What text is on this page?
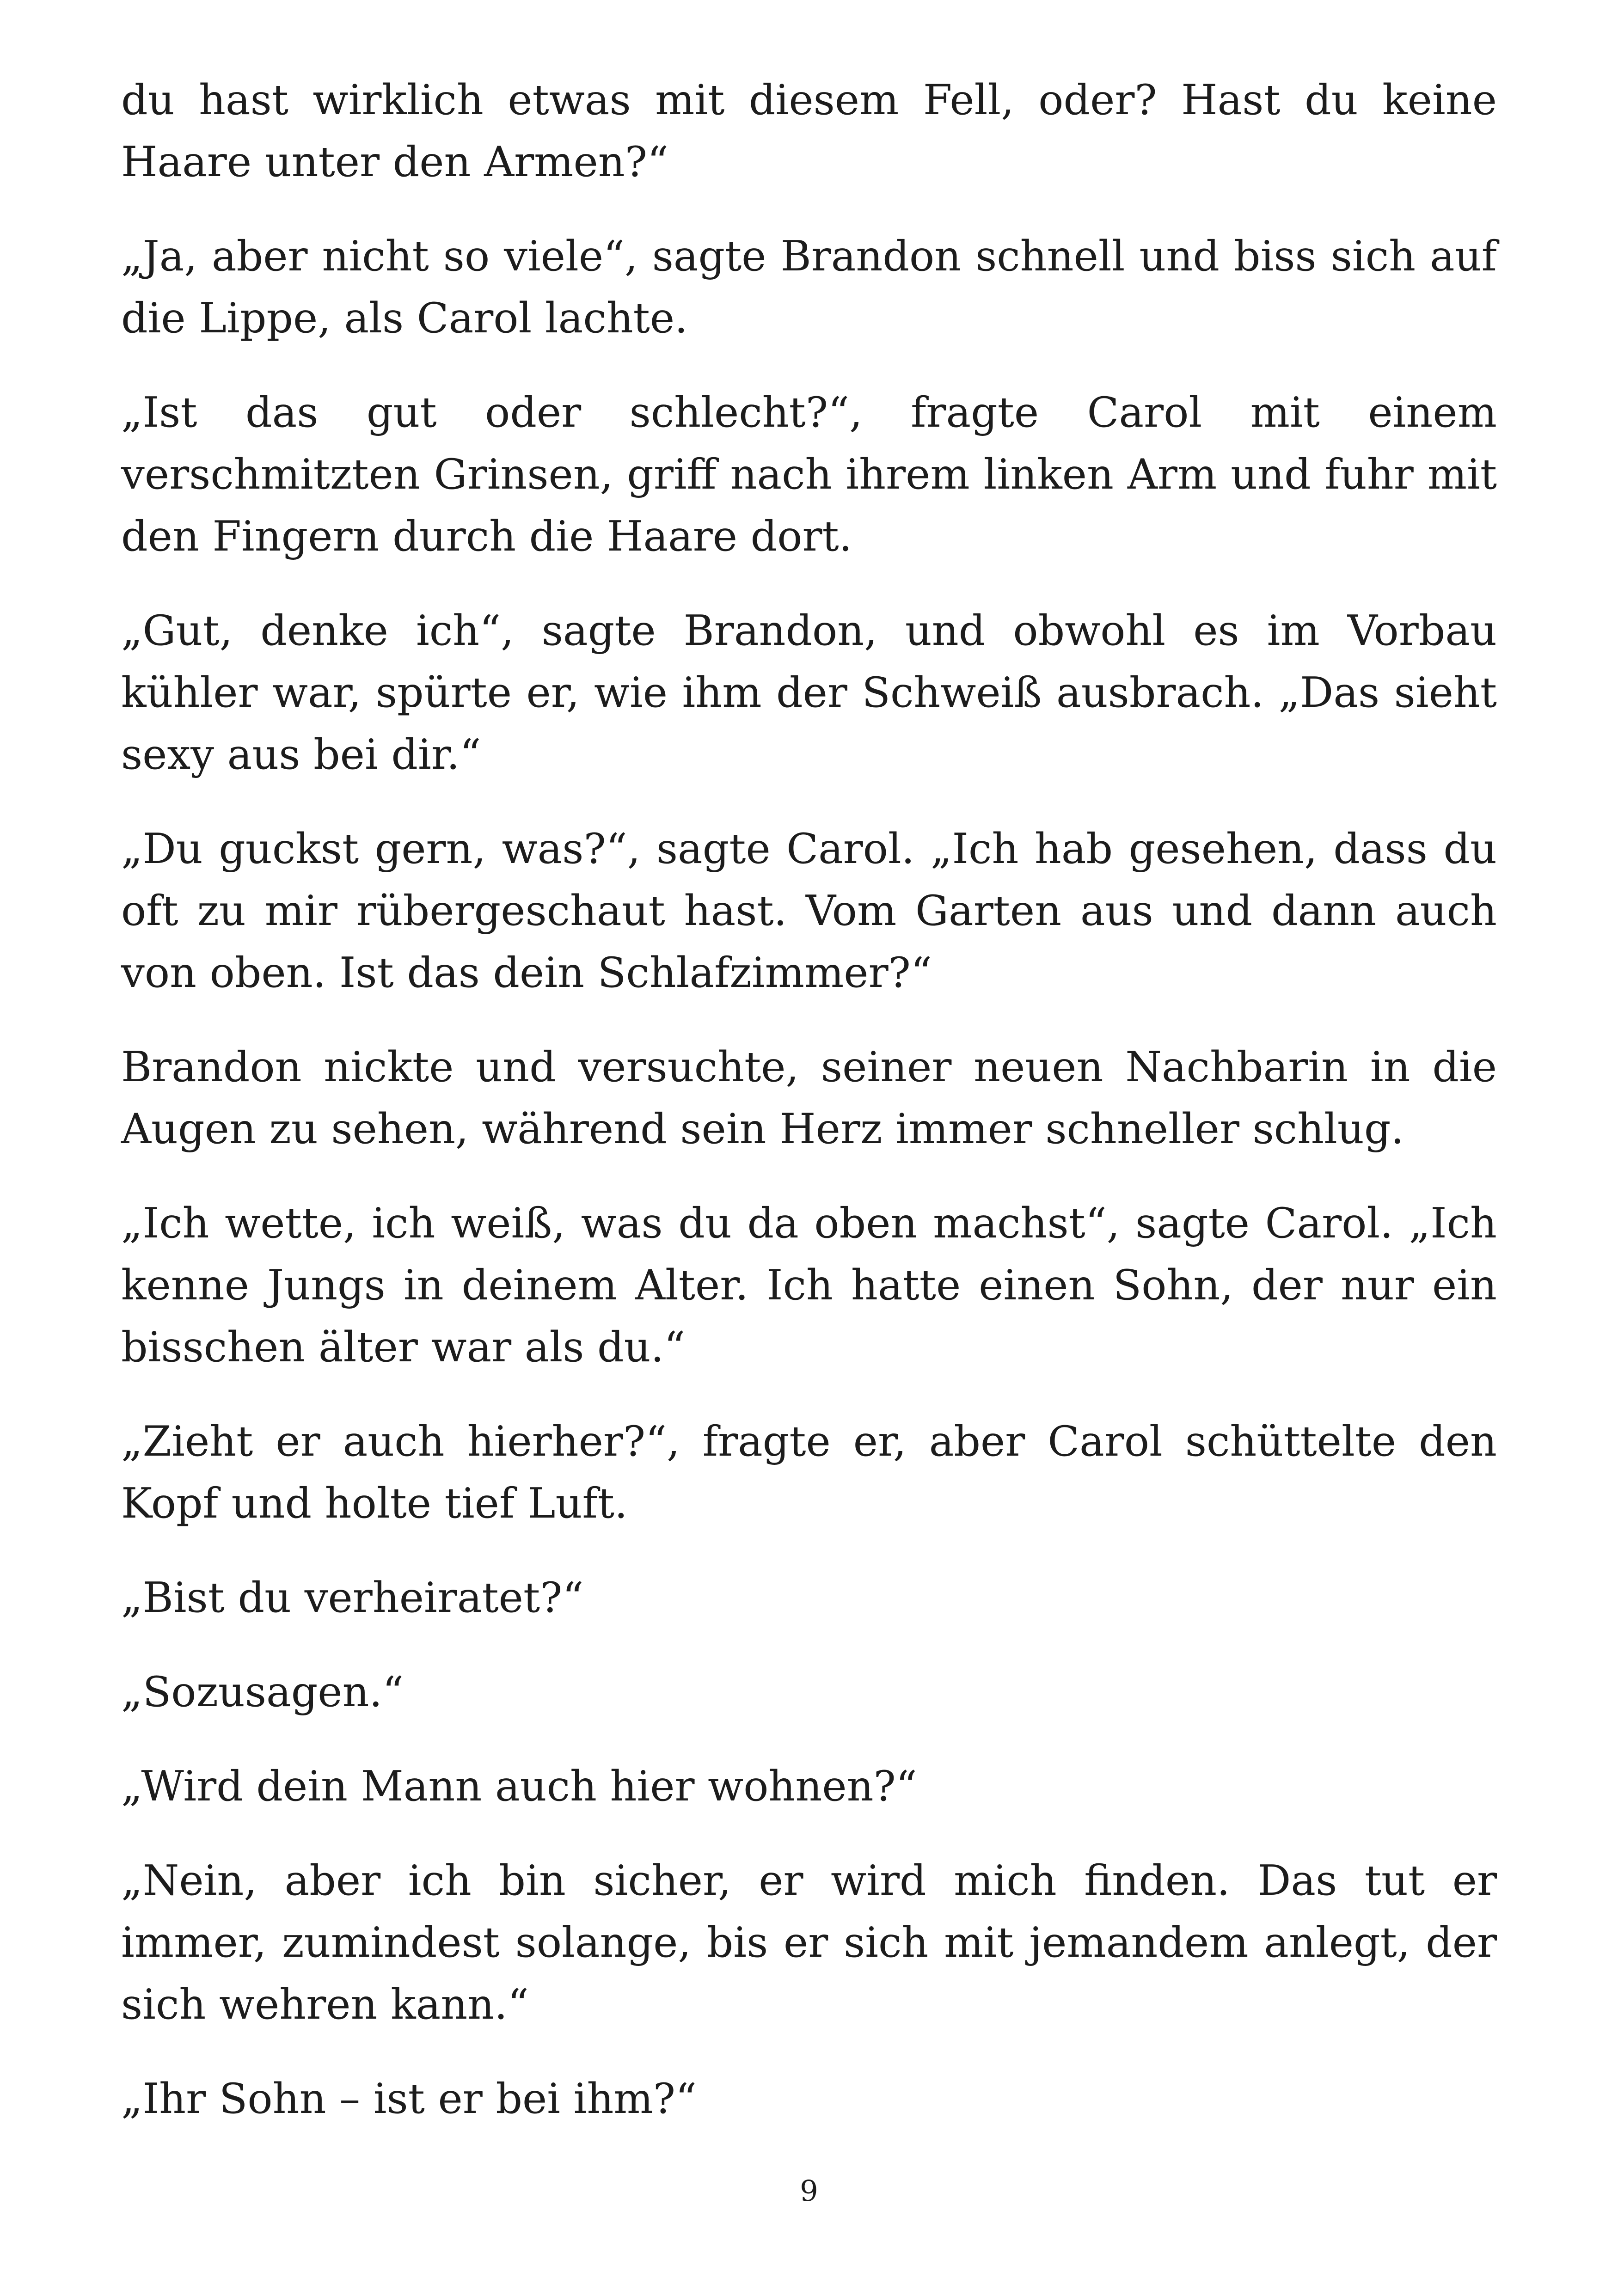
du hast wirklich etwas mit diesem Fell, oder? Hast du keine Haare unter den Armen?“

„Ja, aber nicht so viele“, sagte Brandon schnell und biss sich auf die Lippe, als Carol lachte.

„Ist das gut oder schlecht?“, fragte Carol mit einem verschmitzten Grinsen, griff nach ihrem linken Arm und fuhr mit den Fingern durch die Haare dort.

„Gut, denke ich“, sagte Brandon, und obwohl es im Vorbau kühler war, spürte er, wie ihm der Schweiß ausbrach. „Das sieht sexy aus bei dir.“

„Du guckst gern, was?“, sagte Carol. „Ich hab gesehen, dass du oft zu mir rübergeschaut hast. Vom Garten aus und dann auch von oben. Ist das dein Schlafzimmer?“

Brandon nickte und versuchte, seiner neuen Nachbarin in die Augen zu sehen, während sein Herz immer schneller schlug.

„Ich wette, ich weiß, was du da oben machst“, sagte Carol. „Ich kenne Jungs in deinem Alter. Ich hatte einen Sohn, der nur ein bisschen älter war als du.“

„Zieht er auch hierher?“, fragte er, aber Carol schüttelte den Kopf und holte tief Luft.

„Bist du verheiratet?“

„Sozusagen.“

„Wird dein Mann auch hier wohnen?“

„Nein, aber ich bin sicher, er wird mich finden. Das tut er immer, zumindest solange, bis er sich mit jemandem anlegt, der sich wehren kann.“

„Ihr Sohn – ist er bei ihm?“

9
